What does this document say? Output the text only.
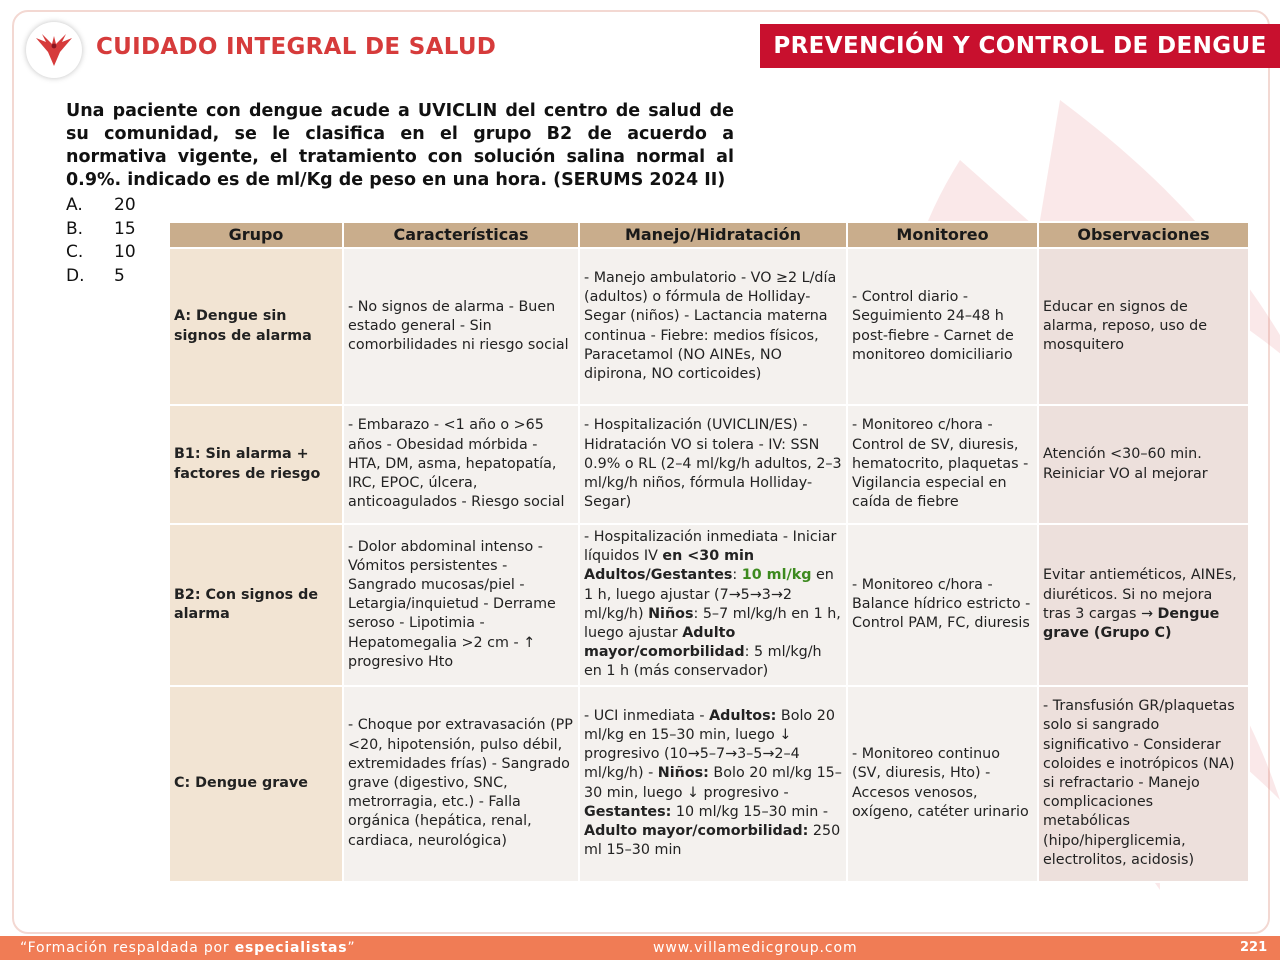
CUIDADO INTEGRAL DE SALUD	PREVENCIÓN Y CONTROL DE DENGUE
Una paciente con dengue acude a UVICLIN del centro de salud de su comunidad, se le clasifica en el grupo B2 de acuerdo a normativa vigente, el tratamiento con solución salina normal al 0.9%. indicado es de ml/Kg de peso en una hora. (SERUMS 2024 II)
A.	20
B.	15
C.	10
D.	5
Grupo	Características	Manejo/Hidratación	Monitoreo	Observaciones
A: Dengue sin signos de alarma	- No signos de alarma - Buen estado general - Sin comorbilidades ni riesgo social	- Manejo ambulatorio - VO ≥2 L/día (adultos) o fórmula de Holliday-Segar (niños) - Lactancia materna continua - Fiebre: medios físicos, Paracetamol (NO AINEs, NO dipirona, NO corticoides)	- Control diario - Seguimiento 24–48 h post-fiebre - Carnet de monitoreo domiciliario	Educar en signos de alarma, reposo, uso de mosquitero
B1: Sin alarma + factores de riesgo	- Embarazo - <1 año o >65 años - Obesidad mórbida - HTA, DM, asma, hepatopatía, IRC, EPOC, úlcera, anticoagulados - Riesgo social	- Hospitalización (UVICLIN/ES) - Hidratación VO si tolera - IV: SSN 0.9% o RL (2–4 ml/kg/h adultos, 2–3 ml/kg/h niños, fórmula Holliday-Segar)	- Monitoreo c/hora - Control de SV, diuresis, hematocrito, plaquetas - Vigilancia especial en caída de fiebre	Atención <30–60 min. Reiniciar VO al mejorar
B2: Con signos de alarma	- Dolor abdominal intenso - Vómitos persistentes - Sangrado mucosas/piel - Letargia/inquietud - Derrame seroso - Lipotimia - Hepatomegalia >2 cm - ↑ progresivo Hto	- Hospitalización inmediata - Iniciar líquidos IV en <30 min Adultos/Gestantes: 10 ml/kg en 1 h, luego ajustar (7→5→3→2 ml/kg/h) Niños: 5–7 ml/kg/h en 1 h, luego ajustar Adulto mayor/comorbilidad: 5 ml/kg/h en 1 h (más conservador)	- Monitoreo c/hora - Balance hídrico estricto - Control PAM, FC, diuresis	Evitar antieméticos, AINEs, diuréticos. Si no mejora tras 3 cargas → Dengue grave (Grupo C)
C: Dengue grave	- Choque por extravasación (PP <20, hipotensión, pulso débil, extremidades frías) - Sangrado grave (digestivo, SNC, metrorragia, etc.) - Falla orgánica (hepática, renal, cardiaca, neurológica)	- UCI inmediata - Adultos: Bolo 20 ml/kg en 15–30 min, luego ↓ progresivo (10→5–7→3–5→2–4 ml/kg/h) - Niños: Bolo 20 ml/kg 15–30 min, luego ↓ progresivo - Gestantes: 10 ml/kg 15–30 min - Adulto mayor/comorbilidad: 250 ml 15–30 min	- Monitoreo continuo (SV, diuresis, Hto) - Accesos venosos, oxígeno, catéter urinario	- Transfusión GR/plaquetas solo si sangrado significativo - Considerar coloides e inotrópicos (NA) si refractario - Manejo complicaciones metabólicas (hipo/hiperglicemia, electrolitos, acidosis)
“Formación respaldada por especialistas”	www.villamedicgroup.com	221
